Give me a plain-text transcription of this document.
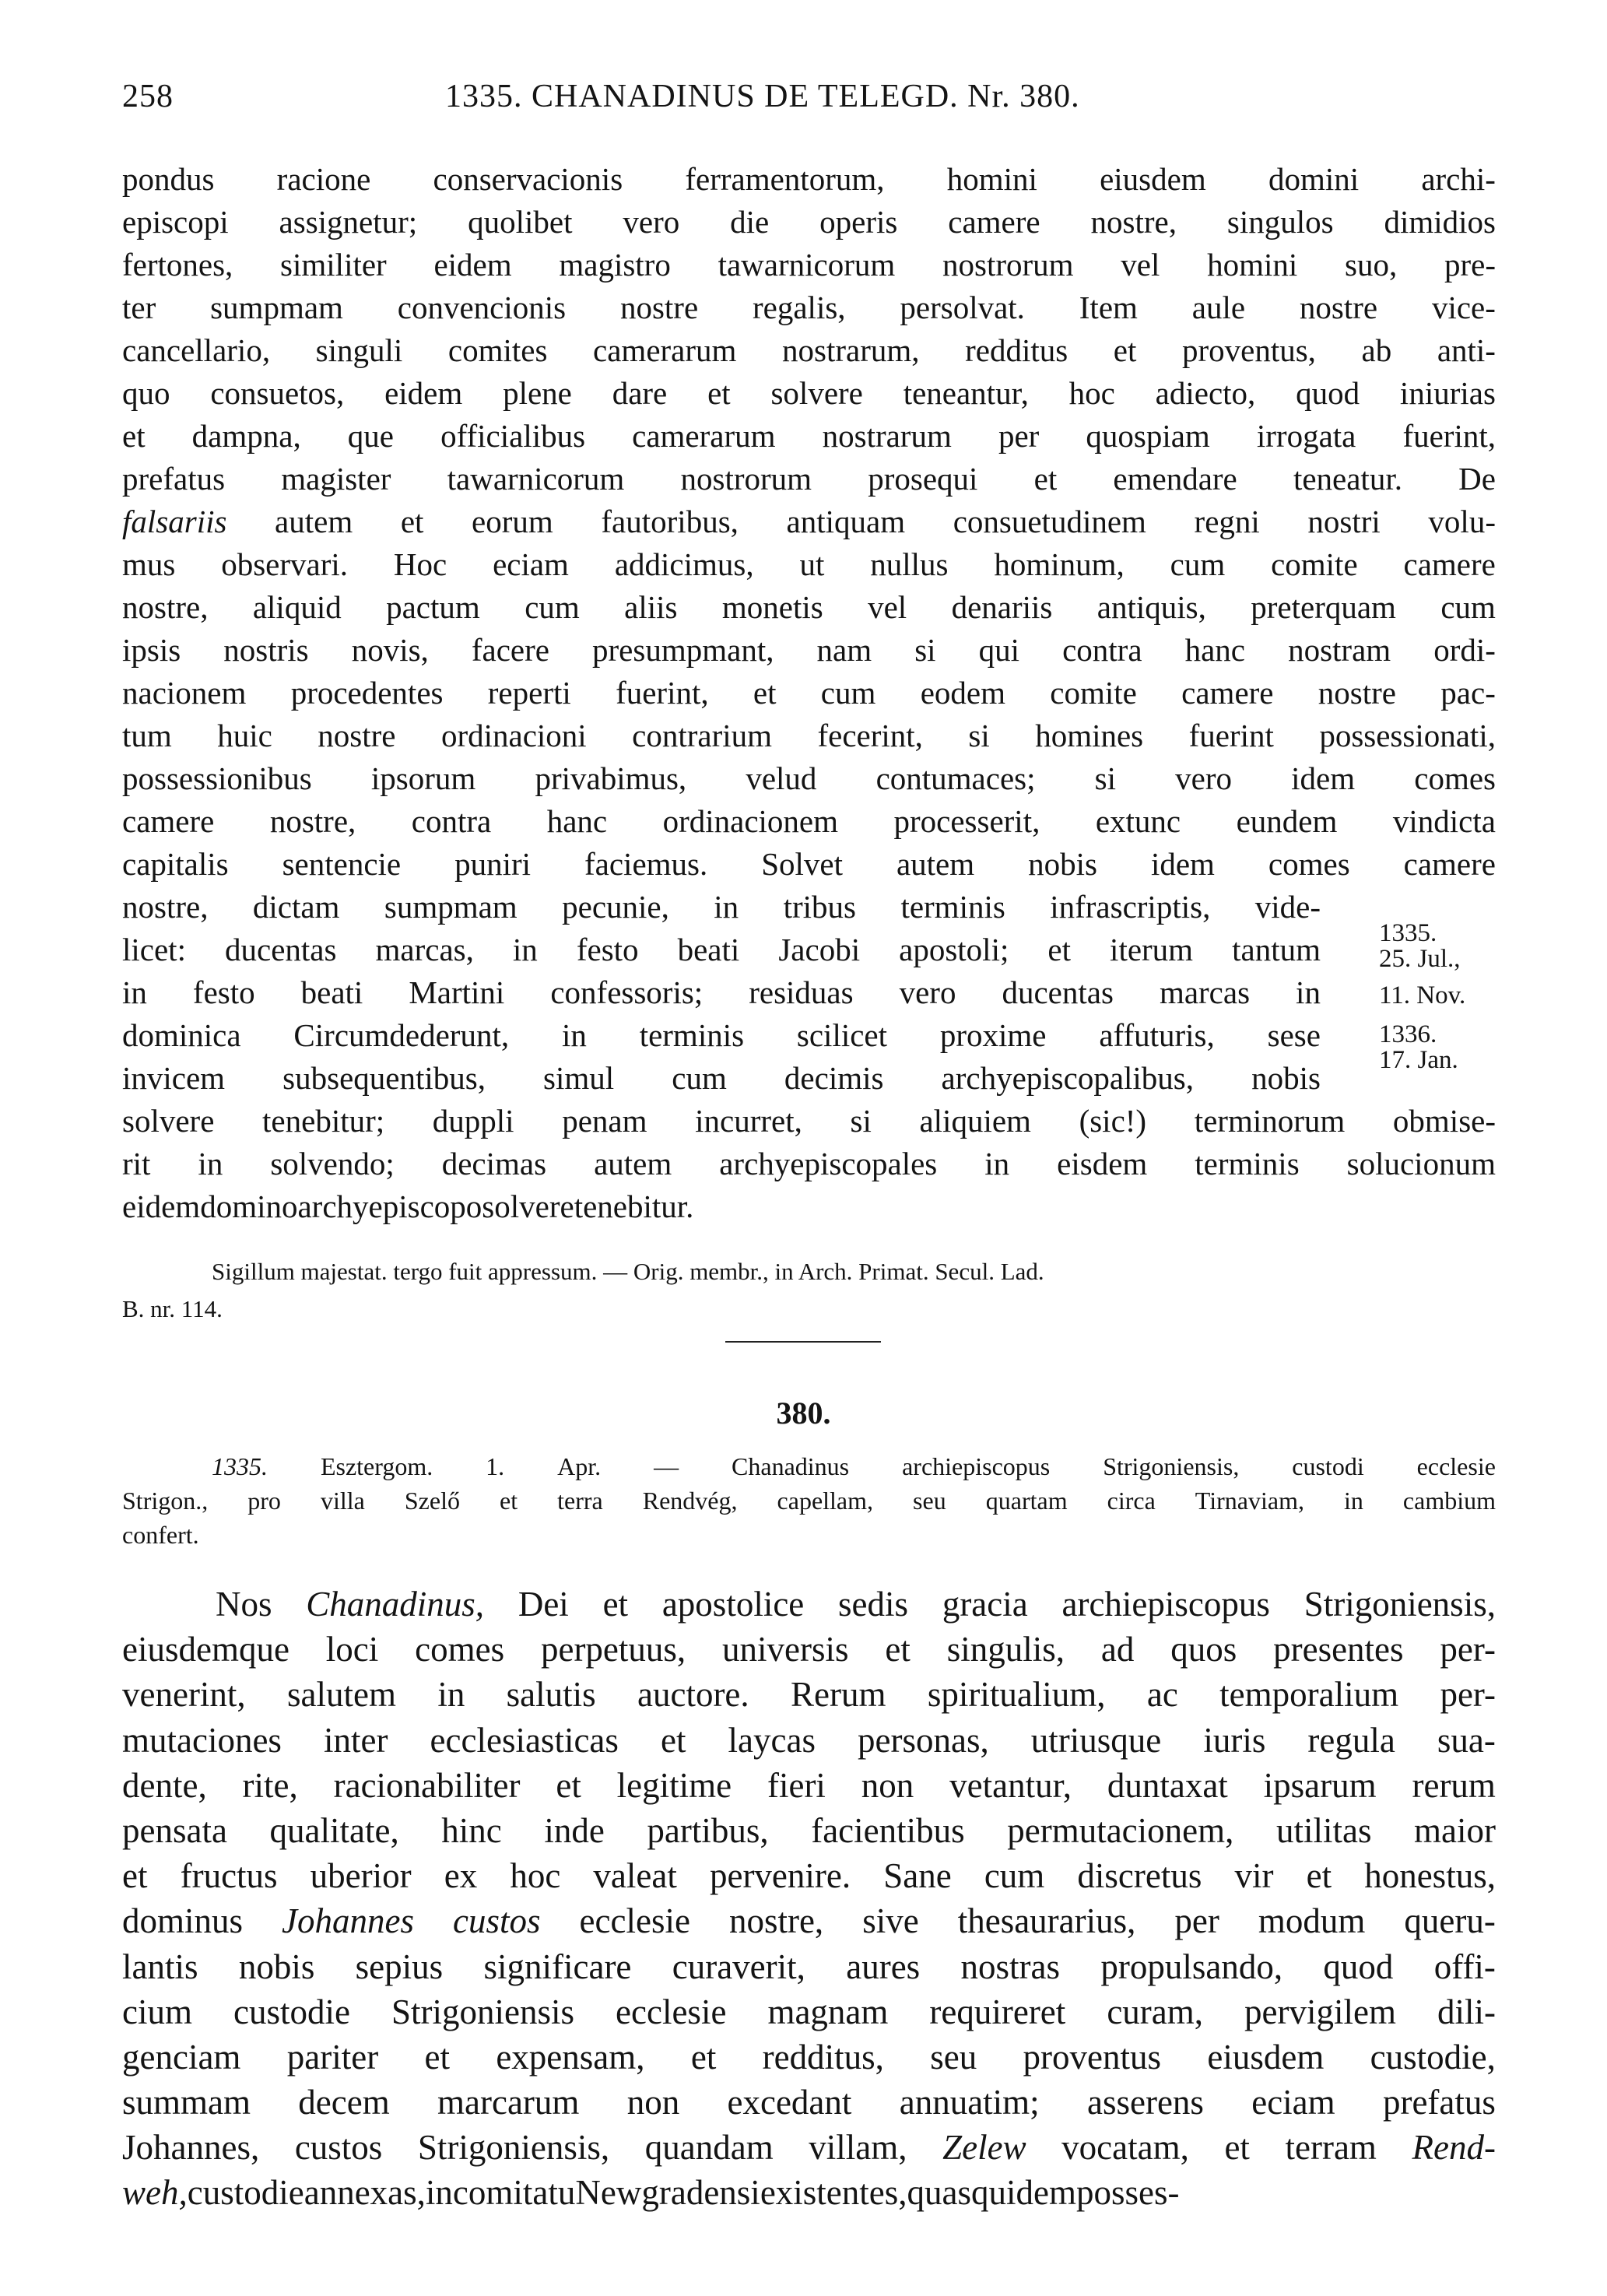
258	1335. CHANADINUS DE TELEGD. Nr. 380.
pondus racione conservacionis ferramentorum, homini eiusdem domini archi-
episcopi assignetur; quolibet vero die operis camere nostre, singulos dimidios
fertones, similiter eidem magistro tawarnicorum nostrorum vel homini suo, pre-
ter sumpmam convencionis nostre regalis, persolvat. Item aule nostre vice-
cancellario, singuli comites camerarum nostrarum, redditus et proventus, ab anti-
quo consuetos, eidem plene dare et solvere teneantur, hoc adiecto, quod iniurias
et dampna, que officialibus camerarum nostrarum per quospiam irrogata fuerint,
prefatus magister tawarnicorum nostrorum prosequi et emendare teneatur. De
falsariis autem et eorum fautoribus, antiquam consuetudinem regni nostri volu-
mus observari. Hoc eciam addicimus, ut nullus hominum, cum comite camere
nostre, aliquid pactum cum aliis monetis vel denariis antiquis, preterquam cum
ipsis nostris novis, facere presumpmant, nam si qui contra hanc nostram ordi-
nacionem procedentes reperti fuerint, et cum eodem comite camere nostre pac-
tum huic nostre ordinacioni contrarium fecerint, si homines fuerint possessionati,
possessionibus ipsorum privabimus, velud contumaces; si vero idem comes
camere nostre, contra hanc ordinacionem processerit, extunc eundem vindicta
capitalis sentencie puniri faciemus. Solvet autem nobis idem comes camere
nostre, dictam sumpmam pecunie, in tribus terminis infrascriptis, vide-
licet: ducentas marcas, in festo beati Jacobi apostoli; et iterum tantum
in festo beati Martini confessoris; residuas vero ducentas marcas in
dominica Circumdederunt, in terminis scilicet proxime affuturis, sese
invicem subsequentibus, simul cum decimis archyepiscopalibus, nobis
solvere tenebitur; duppli penam incurret, si aliquiem (sic!) terminorum obmise-
rit in solvendo; decimas autem archyepiscopales in eisdem terminis solucionum
eidem domino archyepiscopo solvere tenebitur.
1335.
25. Jul.,
11. Nov.
1336.
17. Jan.
Sigillum majestat. tergo fuit appressum. — Orig. membr., in Arch. Primat. Secul. Lad.
B. nr. 114.
380.
1335. Esztergom. 1. Apr. — Chanadinus archiepiscopus Strigoniensis, custodi ecclesie
Strigon., pro villa Szelő et terra Rendvég, capellam, seu quartam circa Tirnaviam, in cambium
confert.
Nos Chanadinus, Dei et apostolice sedis gracia archiepiscopus Strigoniensis,
eiusdemque loci comes perpetuus, universis et singulis, ad quos presentes per-
venerint, salutem in salutis auctore. Rerum spiritualium, ac temporalium per-
mutaciones inter ecclesiasticas et laycas personas, utriusque iuris regula sua-
dente, rite, racionabiliter et legitime fieri non vetantur, duntaxat ipsarum rerum
pensata qualitate, hinc inde partibus, facientibus permutacionem, utilitas maior
et fructus uberior ex hoc valeat pervenire. Sane cum discretus vir et honestus,
dominus Johannes custos ecclesie nostre, sive thesaurarius, per modum queru-
lantis nobis sepius significare curaverit, aures nostras propulsando, quod offi-
cium custodie Strigoniensis ecclesie magnam requireret curam, pervigilem dili-
genciam pariter et expensam, et redditus, seu proventus eiusdem custodie,
summam decem marcarum non excedant annuatim; asserens eciam prefatus
Johannes, custos Strigoniensis, quandam villam, Zelew vocatam, et terram Rend-
weh, custodie annexas, in comitatu Newgradensi existentes, quas quidem posses-
